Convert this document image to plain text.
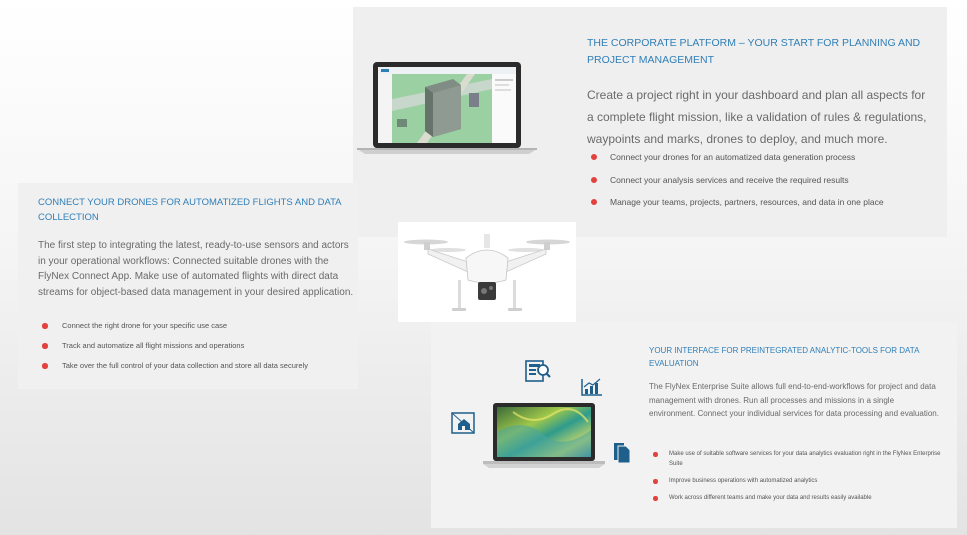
THE CORPORATE PLATFORM – YOUR START FOR PLANNING AND PROJECT MANAGEMENT
Create a project right in your dashboard and plan all aspects for a complete flight mission, like a validation of rules & regulations, waypoints and marks, drones to deploy, and much more.
Connect your drones for an automatized data generation process
Connect your analysis services and receive the required results
Manage your teams, projects, partners, resources, and data in one place
CONNECT YOUR DRONES FOR AUTOMATIZED FLIGHTS AND DATA COLLECTION
The first step to integrating the latest, ready-to-use sensors and actors in your operational workflows: Connected suitable drones with the FlyNex Connect App. Make use of automated flights with direct data streams for object-based data management in your desired application.
Connect the right drone for your specific use case
Track and automatize all flight missions and operations
Take over the full control of your data collection and store all data securely
YOUR INTERFACE FOR PREINTEGRATED ANALYTIC-TOOLS FOR DATA EVALUATION
The FlyNex Enterprise Suite allows full end-to-end-workflows for project and data management with drones. Run all processes and missions in a single environment. Connect your individual services for data processing and evaluation.
Make use of suitable software services for your data analytics evaluation right in the FlyNex Enterprise Suite
Improve business operations with automatized analytics
Work across different teams and make your data and results easily available
